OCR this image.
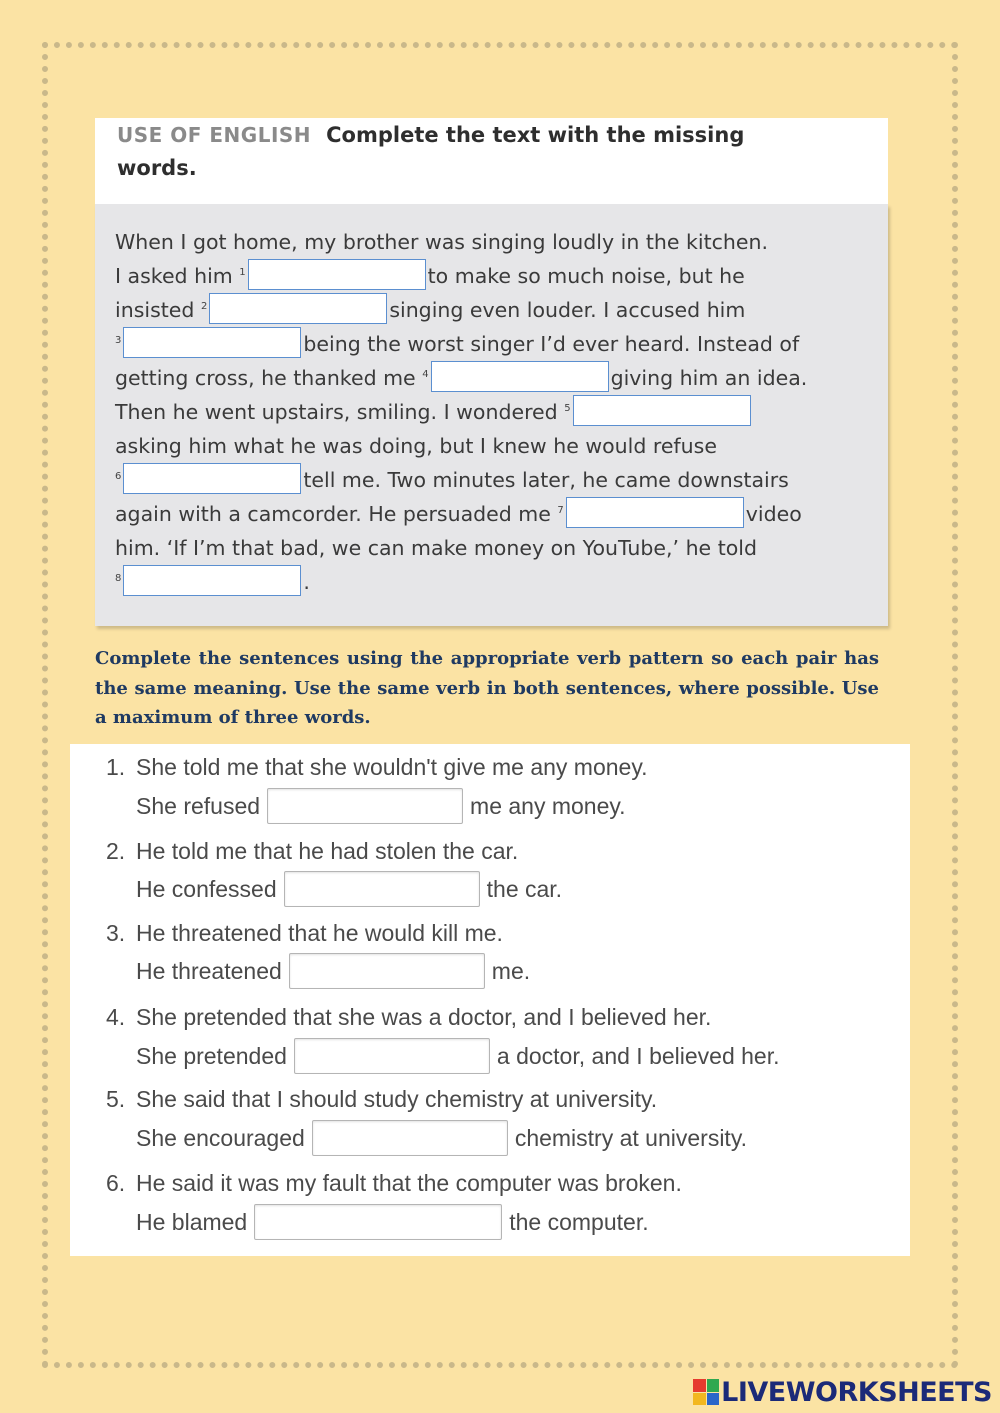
USE OF ENGLISH Complete the text with the missing
words.
When I got home, my brother was singing loudly in the kitchen.
I asked him $^1$	to make so much noise, but he
insisted $^2$	singing even louder. I accused him
$^3$	being the worst singer I’d ever heard. Instead of
getting cross, he thanked me $^4$	giving him an idea.
Then he went upstairs, smiling. I wondered $^5$
asking him what he was doing, but I knew he would refuse
$^6$	tell me. Two minutes later, he came downstairs
again with a camcorder. He persuaded me $^7$	video
him. ‘If I’m that bad, we can make money on YouTube,’ he told
$^8$	.
Complete the sentences using the appropriate verb pattern so each pair has the same meaning. Use the same verb in both sentences, where possible. Use a maximum of three words.
1. She told me that she wouldn't give me any money.
She refused	me any money.
2. He told me that he had stolen the car.
He confessed	the car.
3. He threatened that he would kill me.
He threatened	me.
4. She pretended that she was a doctor, and I believed her.
She pretended	a doctor, and I believed her.
5. She said that I should study chemistry at university.
She encouraged	chemistry at university.
6. He said it was my fault that the computer was broken.
He blamed	the computer.
LIVEWORKSHEETS
